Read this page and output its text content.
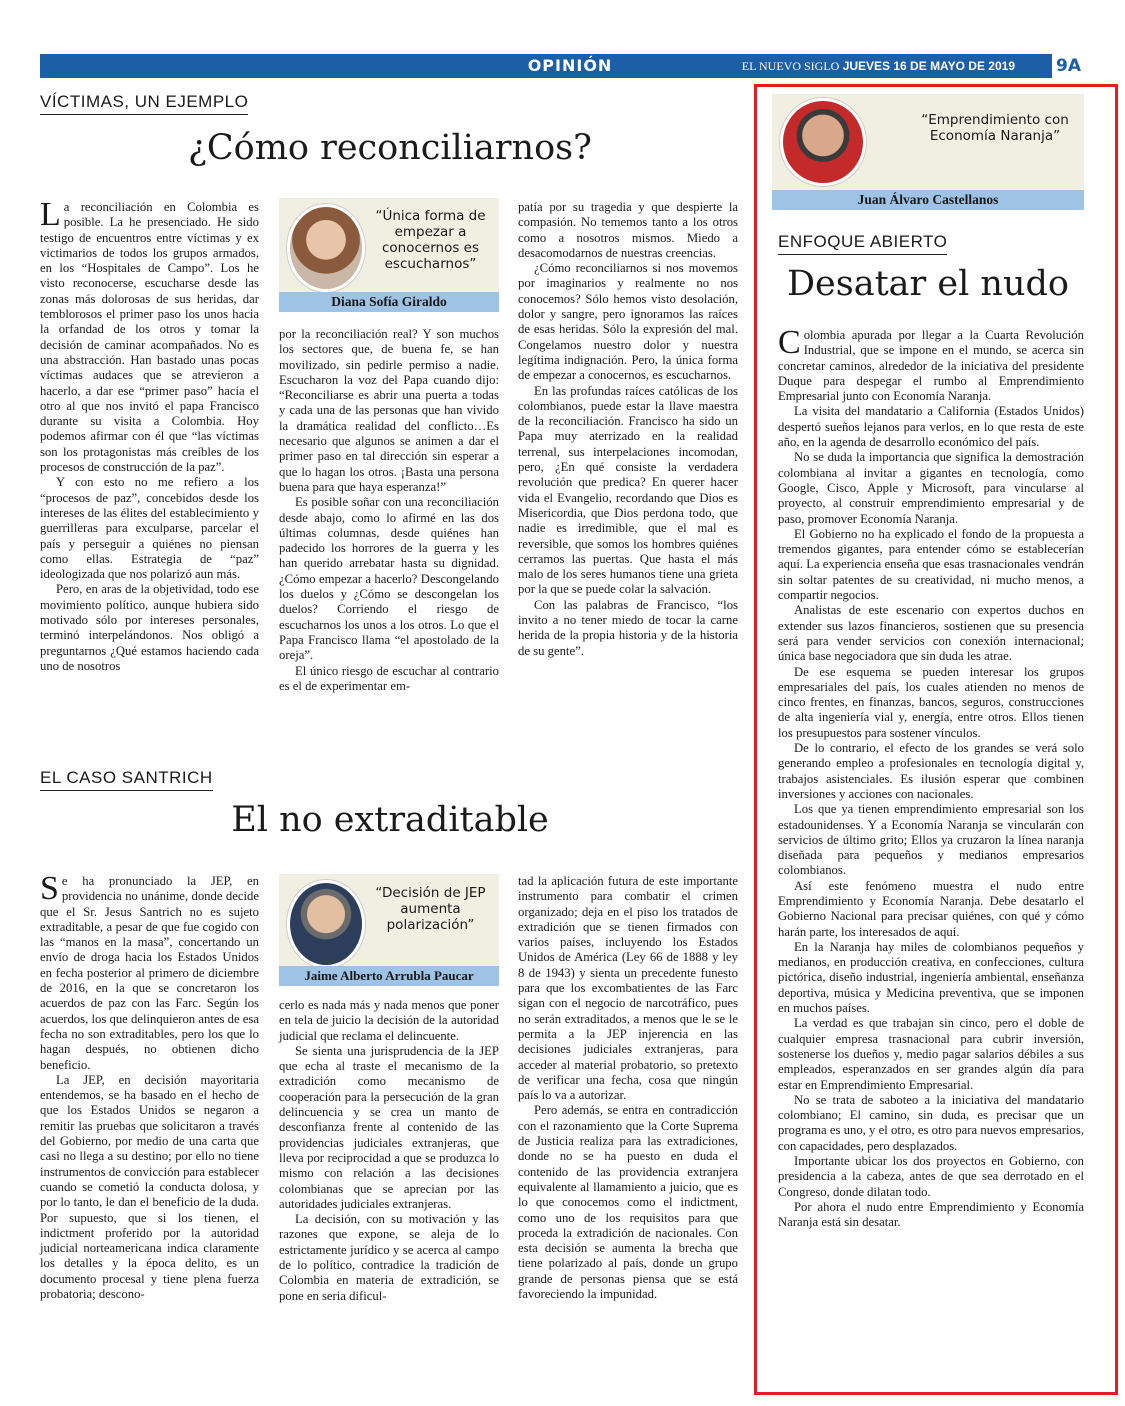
OPINIÓN	EL NUEVO SIGLO JUEVES 16 DE MAYO DE 2019 9A
VÍCTIMAS, UN EJEMPLO
¿Cómo reconciliarnos?

La reconciliación en Colombia es posible. La he presenciado. He sido testigo de encuentros entre víctimas y ex victimarios de todos los grupos armados, en los “Hospitales de Campo”. Los he visto reconocerse, escucharse desde las zonas más dolorosas de sus heridas, dar temblorosos el primer paso los unos hacia la orfandad de los otros y tomar la decisión de caminar acompañados. No es una abstracción. Han bastado unas pocas víctimas audaces que se atrevieron a hacerlo, a dar ese “primer paso” hacia el otro al que nos invitó el papa Francisco durante su visita a Colombia. Hoy podemos afirmar con él que “las víctimas son los protagonistas más creíbles de los procesos de construcción de la paz”.

Y con esto no me refiero a los “procesos de paz”, concebidos desde los intereses de las élites del establecimiento y guerrilleras para exculparse, parcelar el país y perseguir a quiénes no piensan como ellas. Estrategia de “paz” ideologizada que nos polarizó aun más.

Pero, en aras de la objetividad, todo ese movimiento político, aunque hubiera sido motivado sólo por intereses personales, terminó interpelándonos. Nos obligó a preguntarnos ¿Qué estamos haciendo cada uno de nosotros

“Única forma de empezar a conocernos es escucharnos”
Diana Sofía Giraldo

por la reconciliación real? Y son muchos los sectores que, de buena fe, se han movilizado, sin pedirle permiso a nadie. Escucharon la voz del Papa cuando dijo: “Reconciliarse es abrir una puerta a todas y cada una de las personas que han vivido la dramática realidad del conflicto…Es necesario que algunos se animen a dar el primer paso en tal dirección sin esperar a que lo hagan los otros. ¡Basta una persona buena para que haya esperanza!”

Es posible soñar con una reconciliación desde abajo, como lo afirmé en las dos últimas columnas, desde quiénes han padecido los horrores de la guerra y les han querido arrebatar hasta su dignidad. ¿Cómo empezar a hacerlo? Descongelando los duelos y ¿Cómo se descongelan los duelos? Corriendo el riesgo de escucharnos los unos a los otros. Lo que el Papa Francisco llama “el apostolado de la oreja”.

El único riesgo de escuchar al contrario es el de experimentar em-

patía por su tragedia y que despierte la compasión. No tememos tanto a los otros como a nosotros mismos. Miedo a desacomodarnos de nuestras creencias.

¿Cómo reconciliarnos si nos movemos por imaginarios y realmente no nos conocemos? Sólo hemos visto desolación, dolor y sangre, pero ignoramos las raíces de esas heridas. Sólo la expresión del mal. Congelamos nuestro dolor y nuestra legítima indignación. Pero, la única forma de empezar a conocernos, es escucharnos.

En las profundas raíces católicas de los colombianos, puede estar la llave maestra de la reconciliación. Francisco ha sido un Papa muy aterrizado en la realidad terrenal, sus interpelaciones incomodan, pero, ¿En qué consiste la verdadera revolución que predica? En querer hacer vida el Evangelio, recordando que Dios es Misericordia, que Dios perdona todo, que nadie es irredimible, que el mal es reversible, que somos los hombres quiénes cerramos las puertas. Que hasta el más malo de los seres humanos tiene una grieta por la que se puede colar la salvación.

Con las palabras de Francisco, “los invito a no tener miedo de tocar la carne herida de la propia historia y de la historia de su gente”.

EL CASO SANTRICH
El no extraditable

Se ha pronunciado la JEP, en providencia no unánime, donde decide que el Sr. Jesus Santrich no es sujeto extraditable, a pesar de que fue cogido con las “manos en la masa”, concertando un envío de droga hacia los Estados Unidos en fecha posterior al primero de diciembre de 2016, en la que se concretaron los acuerdos de paz con las Farc. Según los acuerdos, los que delinquieron antes de esa fecha no son extraditables, pero los que lo hagan después, no obtienen dicho beneficio.

La JEP, en decisión mayoritaria entendemos, se ha basado en el hecho de que los Estados Unidos se negaron a remitir las pruebas que solicitaron a través del Gobierno, por medio de una carta que casi no llega a su destino; por ello no tiene instrumentos de convicción para establecer cuando se cometió la conducta dolosa, y por lo tanto, le dan el beneficio de la duda. Por supuesto, que si los tienen, el indictment proferido por la autoridad judicial norteamericana indica claramente los detalles y la época delito, es un documento procesal y tiene plena fuerza probatoria; descono-

“Decisión de JEP aumenta polarización”
Jaime Alberto Arrubla Paucar

cerlo es nada más y nada menos que poner en tela de juicio la decisión de la autoridad judicial que reclama el delincuente.

Se sienta una jurisprudencia de la JEP que echa al traste el mecanismo de la extradición como mecanismo de cooperación para la persecución de la gran delincuencia y se crea un manto de desconfianza frente al contenido de las providencias judiciales extranjeras, que lleva por reciprocidad a que se produzca lo mismo con relación a las decisiones colombianas que se aprecian por las autoridades judiciales extranjeras.

La decisión, con su motivación y las razones que expone, se aleja de lo estrictamente jurídico y se acerca al campo de lo político, contradice la tradición de Colombia en materia de extradición, se pone en seria dificul-

tad la aplicación futura de este importante instrumento para combatir el crimen organizado; deja en el piso los tratados de extradición que se tienen firmados con varios países, incluyendo los Estados Unidos de América (Ley 66 de 1888 y ley 8 de 1943) y sienta un precedente funesto para que los excombatientes de las Farc sigan con el negocio de narcotráfico, pues no serán extraditados, a menos que le se le permita a la JEP injerencia en las decisiones judiciales extranjeras, para acceder al material probatorio, so pretexto de verificar una fecha, cosa que ningún país lo va a autorizar.

Pero además, se entra en contradicción con el razonamiento que la Corte Suprema de Justicia realiza para las extradiciones, donde no se ha puesto en duda el contenido de las providencia extranjera equivalente al llamamiento a juicio, que es lo que conocemos como el indictment, como uno de los requisitos para que proceda la extradición de nacionales. Con esta decisión se aumenta la brecha que tiene polarizado al país, donde un grupo grande de personas piensa que se está favoreciendo la impunidad.

“Emprendimiento con Economía Naranja”
Juan Álvaro Castellanos
ENFOQUE ABIERTO
Desatar el nudo

Colombia apurada por llegar a la Cuarta Revolución Industrial, que se impone en el mundo, se acerca sin concretar caminos, alrededor de la iniciativa del presidente Duque para despegar el rumbo al Emprendimiento Empresarial junto con Economía Naranja.

La visita del mandatario a California (Estados Unidos) despertó sueños lejanos para verlos, en lo que resta de este año, en la agenda de desarrollo económico del país.

No se duda la importancia que significa la demostración colombiana al invitar a gigantes en tecnología, como Google, Cisco, Apple y Microsoft, para vincularse al proyecto, al construir emprendimiento empresarial y de paso, promover Economía Naranja.

El Gobierno no ha explicado el fondo de la propuesta a tremendos gigantes, para entender cómo se establecerían aquí. La experiencia enseña que esas trasnacionales vendrán sin soltar patentes de su creatividad, ni mucho menos, a compartir negocios.

Analistas de este escenario con expertos duchos en extender sus lazos financieros, sostienen que su presencia será para vender servicios con conexión internacional; única base negociadora que sin duda les atrae.

De ese esquema se pueden interesar los grupos empresariales del país, los cuales atienden no menos de cinco frentes, en finanzas, bancos, seguros, construcciones de alta ingeniería vial y, energía, entre otros. Ellos tienen los presupuestos para sostener vínculos.

De lo contrario, el efecto de los grandes se verá solo generando empleo a profesionales en tecnología digital y, trabajos asistenciales. Es ilusión esperar que combinen inversiones y acciones con nacionales.

Los que ya tienen emprendimiento empresarial son los estadounidenses. Y a Economía Naranja se vincularán con servicios de último grito; Ellos ya cruzaron la línea naranja diseñada para pequeños y medianos empresarios colombianos.

Así este fenómeno muestra el nudo entre Emprendimiento y Economía Naranja. Debe desatarlo el Gobierno Nacional para precisar quiénes, con qué y cómo harán parte, los interesados de aquí.

En la Naranja hay miles de colombianos pequeños y medianos, en producción creativa, en confecciones, cultura pictórica, diseño industrial, ingeniería ambiental, enseñanza deportiva, música y Medicina preventiva, que se imponen en muchos países.

La verdad es que trabajan sin cinco, pero el doble de cualquier empresa trasnacional para cubrir inversión, sostenerse los dueños y, medio pagar salarios débiles a sus empleados, esperanzados en ser grandes algún día para estar en Emprendimiento Empresarial.

No se trata de saboteo a la iniciativa del mandatario colombiano; El camino, sin duda, es precisar que un programa es uno, y el otro, es otro para nuevos empresarios, con capacidades, pero desplazados.

Importante ubicar los dos proyectos en Gobierno, con presidencia a la cabeza, antes de que sea derrotado en el Congreso, donde dilatan todo.

Por ahora el nudo entre Emprendimiento y Economía Naranja está sin desatar.
